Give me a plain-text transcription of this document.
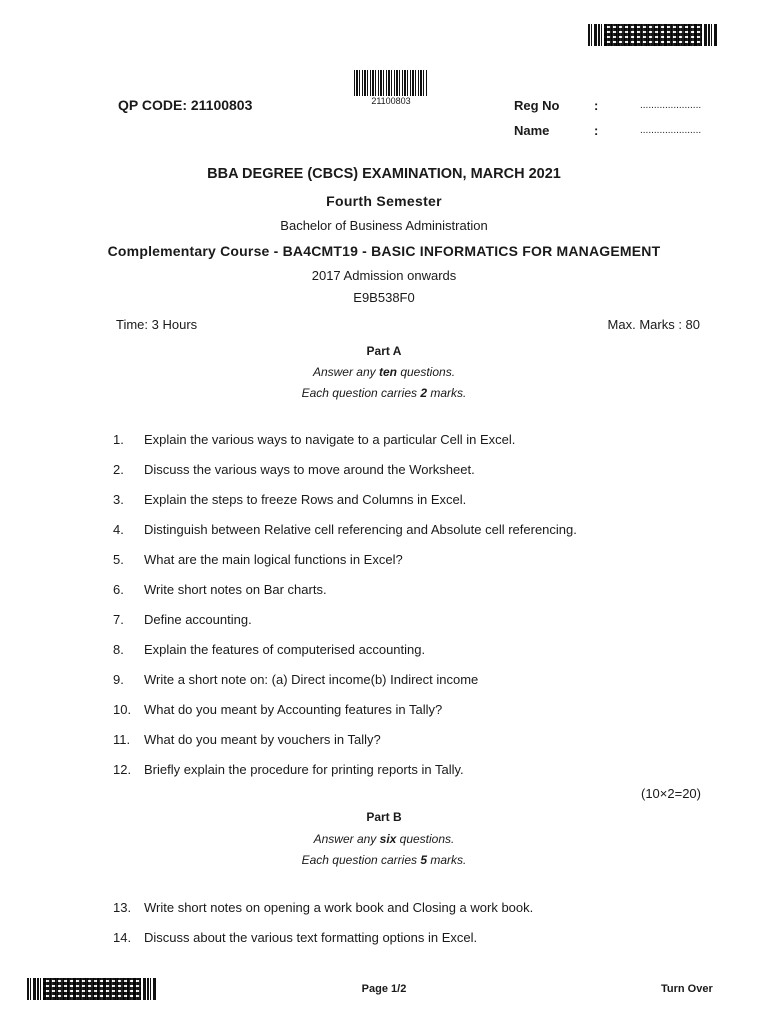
21100803
QP CODE: 21100803	Reg No	:	......................
Name	:	......................
BBA DEGREE (CBCS) EXAMINATION, MARCH 2021
Fourth Semester
Bachelor of Business Administration
Complementary Course - BA4CMT19 - BASIC INFORMATICS FOR MANAGEMENT
2017 Admission onwards
E9B538F0
Time: 3 Hours	Max. Marks : 80
Part A
Answer any ten questions.
Each question carries 2 marks.
1.	Explain the various ways to navigate to a particular Cell in Excel.
2.	Discuss the various ways to move around the Worksheet.
3.	Explain the steps to freeze Rows and Columns in Excel.
4.	Distinguish between Relative cell referencing and Absolute cell referencing.
5.	What are the main logical functions in Excel?
6.	Write short notes on Bar charts.
7.	Define accounting.
8.	Explain the features of computerised accounting.
9.	Write a short note on: (a) Direct income(b) Indirect income
10. What do you meant by Accounting features in Tally?
11.	What do you meant by vouchers in Tally?
12. Briefly explain the procedure for printing reports in Tally.
(10×2=20)
Part B
Answer any six questions.
Each question carries 5 marks.
13. Write short notes on opening a work book and Closing a work book.
14. Discuss about the various text formatting options in Excel.
Page 1/2	Turn Over
